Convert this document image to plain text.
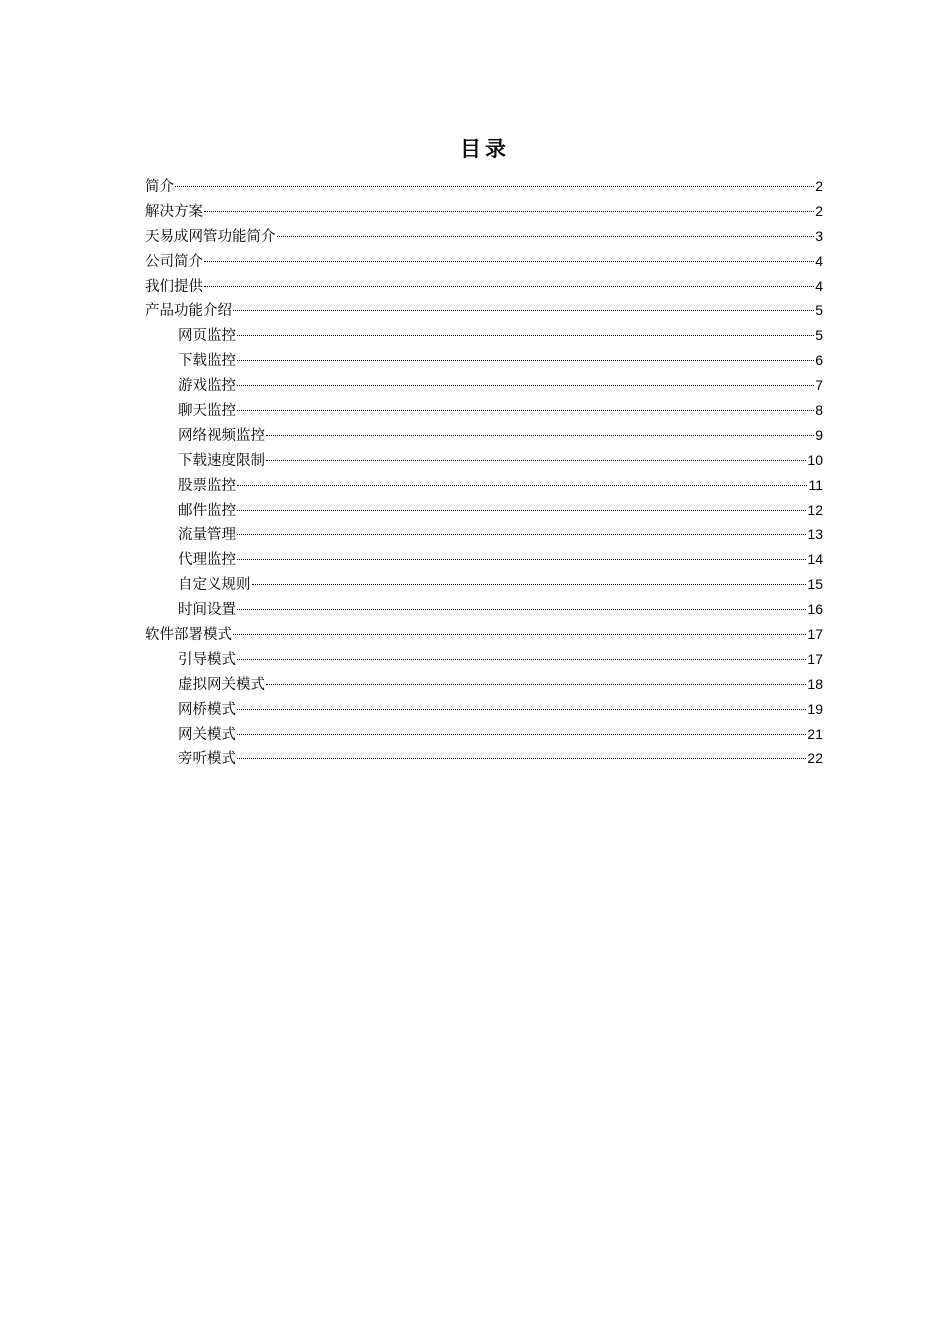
目录
简介	2
解决方案	2
天易成网管功能简介	3
公司简介	4
我们提供	4
产品功能介绍	5
网页监控	5
下载监控	6
游戏监控	7
聊天监控	8
网络视频监控	9
下载速度限制	10
股票监控	11
邮件监控	12
流量管理	13
代理监控	14
自定义规则	15
时间设置	16
软件部署模式	17
引导模式	17
虚拟网关模式	18
网桥模式	19
网关模式	21
旁听模式	22
